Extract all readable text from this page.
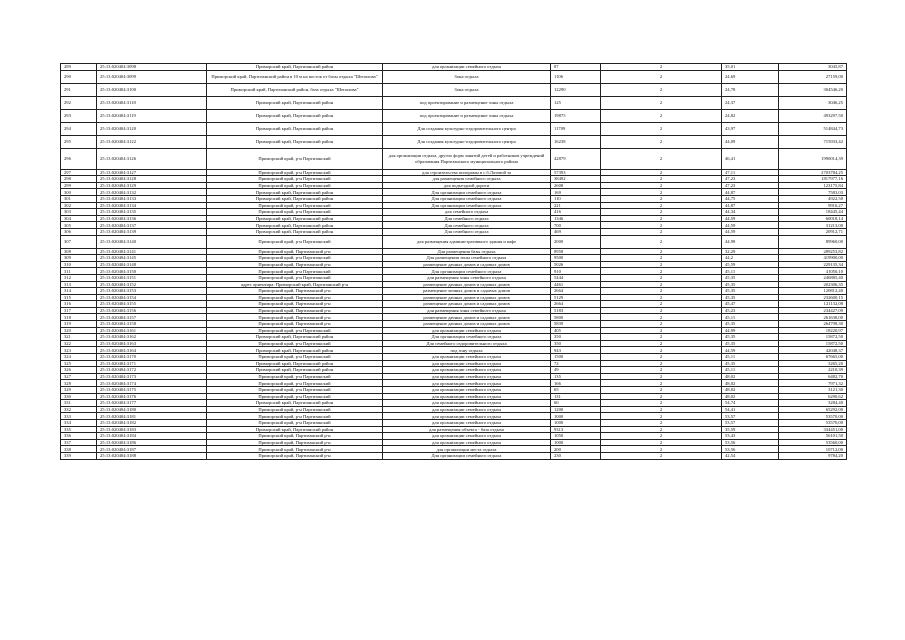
289	25:13:020404:3098	Приморский край, Партизанский район	для организации семейного отдыха	87	2	35,01	3045,87
290	25:13:020404:3099	Приморский край, Партизанский район в 10 м на восток от базы отдыха "Шепалова"	Зона отдыха	1106	2	24,69	27159,00
291	25:13:020404:3100	Приморский край, Партизанский район, база отдыха "Шепалова"	Зона отдыха	12290	2	24,78	304546,20
292	25:13:020404:3118	Приморский край, Партизанский район	под проектирование и размещение зоны отдыха	125	2	24,37	3046,25
293	25:13:020404:3119	Приморский край, Партизанский район	под проектирование и размещение зоны отдыха	19875	2	24,82	493297,50
294	25:13:020404:3120	Приморский край, Партизанский район	Для создания культурно-оздоровительного центра	11709	2	43,97	514844,73
295	25:13:020404:3122	Приморский край, Партизанский район	Для создания культурно-оздоровительного центра	16238	2	44,09	715933,42
296	25:13:020404:3126	Приморский край, р-н Партизанский	для организации отдыха, других форм занятий детей и работников учреждений образования Партизанского муниципального района	42879	2	46,41	1990014,39
297	25:13:020404:3127	Приморский край, р-н Партизанский	для строительства пилорамы в с.б.Лазовой за	57393	2	47,11	2703784,25
298	25:13:020404:3128	Приморский край, р-н Партизанский	для размещения семейного отдыха	38492	2	47,23	1817977,16
299	25:13:020404:3129	Приморский край, р-н Партизанский	для подъездной дороги	2608	2	47,23	123175,84
300	25:13:020404:3132	Приморский край, Партизанский район	Для организации семейного отдыха	169	2	44,87	7583,03
301	25:13:020404:3133	Приморский край, Партизанский район	Для организации семейного отдыха	110	2	44,75	4922,50
302	25:13:020404:3134	Приморский край, р-н Партизанский	Для организации семейного отдыха	221	2	44,87	9916,27
303	25:13:020404:3135	Приморский край, р-н Партизанский	для семейного отдыха	416	2	44,34	18445,44
304	25:13:020404:3136	Приморский край, Партизанский район	Для семейного отдыха	1346	2	44,59	60018,14
305	25:13:020404:3137	Приморский край, Партизанский район	Для семейного отдыха	700	2	44,59	31213,00
306	25:13:020404:3139	Приморский край, Партизанский район	Для семейного отдыха	469	2	44,59	20912,71
307	25:13:020404:3140	Приморский край, р-н Партизанский	для размещения административного здания и кафе	2000	2	44,98	89960,00
308	25:13:020404:3141	Приморский край, Партизанский р-н	Для размещения базы отдыха	8958	2	32,29	289253,82
309	25:13:020404:3145	Приморский край, р-н Партизанский	Для размещения зоны семейного отдыха	9500	2	44,2	419900,00
310	25:13:020404:3148	Приморский край, Партизанский р-н	размещение дачных домов и садовых домов	5026	2	45,59	229135,34
311	25:13:020404:3150	Приморский край, р-н Партизанский	Для организации семейного отдыха	910	2	45,11	41050,10
312	25:13:020404:3151	Приморский край, р-н Партизанский	для размещения зоны семейного отдыха	5444	2	45,35	246885,40
313	25:13:020404:3152	адрес ориентира: Приморский край, Партизанский р-н	размещение дачных домов и садовых домов	4461	2	45,35	202306,35
314	25:13:020404:3153	Приморский край, Партизанский р-н	размещение личных домов и садовых домов	2664	2	45,35	120812,40
315	25:13:020404:3154	Приморский край, Партизанский р-н	размещение дачных домов и садовых домов	5129	2	45,35	232600,15
316	25:13:020404:3155	Приморский край, Партизанский р-н	размещение дачных домов и садовых домов	2664	2	45,47	121132,08
317	25:13:020404:3156	Приморский край, Партизанский р-н	для размещения зоны семейного отдыха	5183	2	45,23	234427,09
318	25:13:020404:3157	Приморский край, Партизанский р-н	размещение дачных домов и садовых домов	5800	2	45,11	261638,00
319	25:13:020404:3158	Приморский край, Партизанский р-н	размещение дачных домов и садовых домов	5839	2	45,35	264798,30
320	25:13:020404:3161	Приморский край, р-н Партизанский	для организации семейного отдыха	405	2	44,99	18220,97
321	25:13:020404:3162	Приморский край, Партизанский район	Для организации семейного отдыха	350	2	45,35	15872,50
322	25:13:020404:3163	Приморский край, р-н Партизанский	Для семейного оздоровительного отдыха	350	2	45,35	15872,50
323	25:13:020404:3164	Приморский край, Партизанский район	под зону отдыха	943	2	44,59	42048,37
324	25:13:020404:3170	Приморский край, р-н Партизанский	для организации семейного отдыха	1500	2	45,11	67665,00
325	25:13:020404:3171	Приморский край, Партизанский район	для организации семейного отдыха	72	2	45,35	3265,20
326	25:13:020404:3172	Приморский край, Партизанский район	для организации семейного отдыха	49	2	45,11	2210,39
327	25:13:020404:3173	Приморский край, р-н Партизанский	для организации семейного отдыха	135	2	48,02	6482,70
328	25:13:020404:3174	Приморский край, р-н Партизанский	для организации семейного отдыха	166	2	48,02	7971,32
329	25:13:020404:3175	Приморский край, р-н Партизанский	для организации семейного отдыха	65	2	48,02	3121,30
330	25:13:020404:3176	Приморский край, р-н Партизанский	для организации семейного отдыха	131	2	48,02	6290,62
331	25:13:020404:3177	Приморский край, Партизанский район	для организации семейного отдыха	60	2	54,74	3284,40
332	25:13:020404:3180	Приморский край, р-н Партизанский	для организации семейного отдыха	1200	2	54,41	65292,00
333	25:13:020404:3181	Приморский край, р-н Партизанский	для организации семейного отдыха	1000	2	53,57	53570,00
334	25:13:020404:3182	Приморский край, р-н Партизанский	для организации семейного отдыха	1000	2	53,57	53570,00
335	25:13:020404:3183	Приморский край, Партизанский район	для размещения объекта - база отдыха	9313	2	35,59	334451,00
336	25:13:020404:3184	Приморский край, Партизанский р-н	для организации семейного отдыха	1050	2	53,43	56101,50
337	25:13:020404:3186	Приморский край, Партизанский р-н	для организации семейного отдыха	1000	2	53,56	53560,00
338	25:13:020404:3187	Приморский край, Партизанский р-н	для организации места отдыха	200	2	53,56	10712,00
339	25:13:020404:3188	Приморский край, Партизанский р-н	Для организации семейного отдыха	230	2	42,54	9784,20
